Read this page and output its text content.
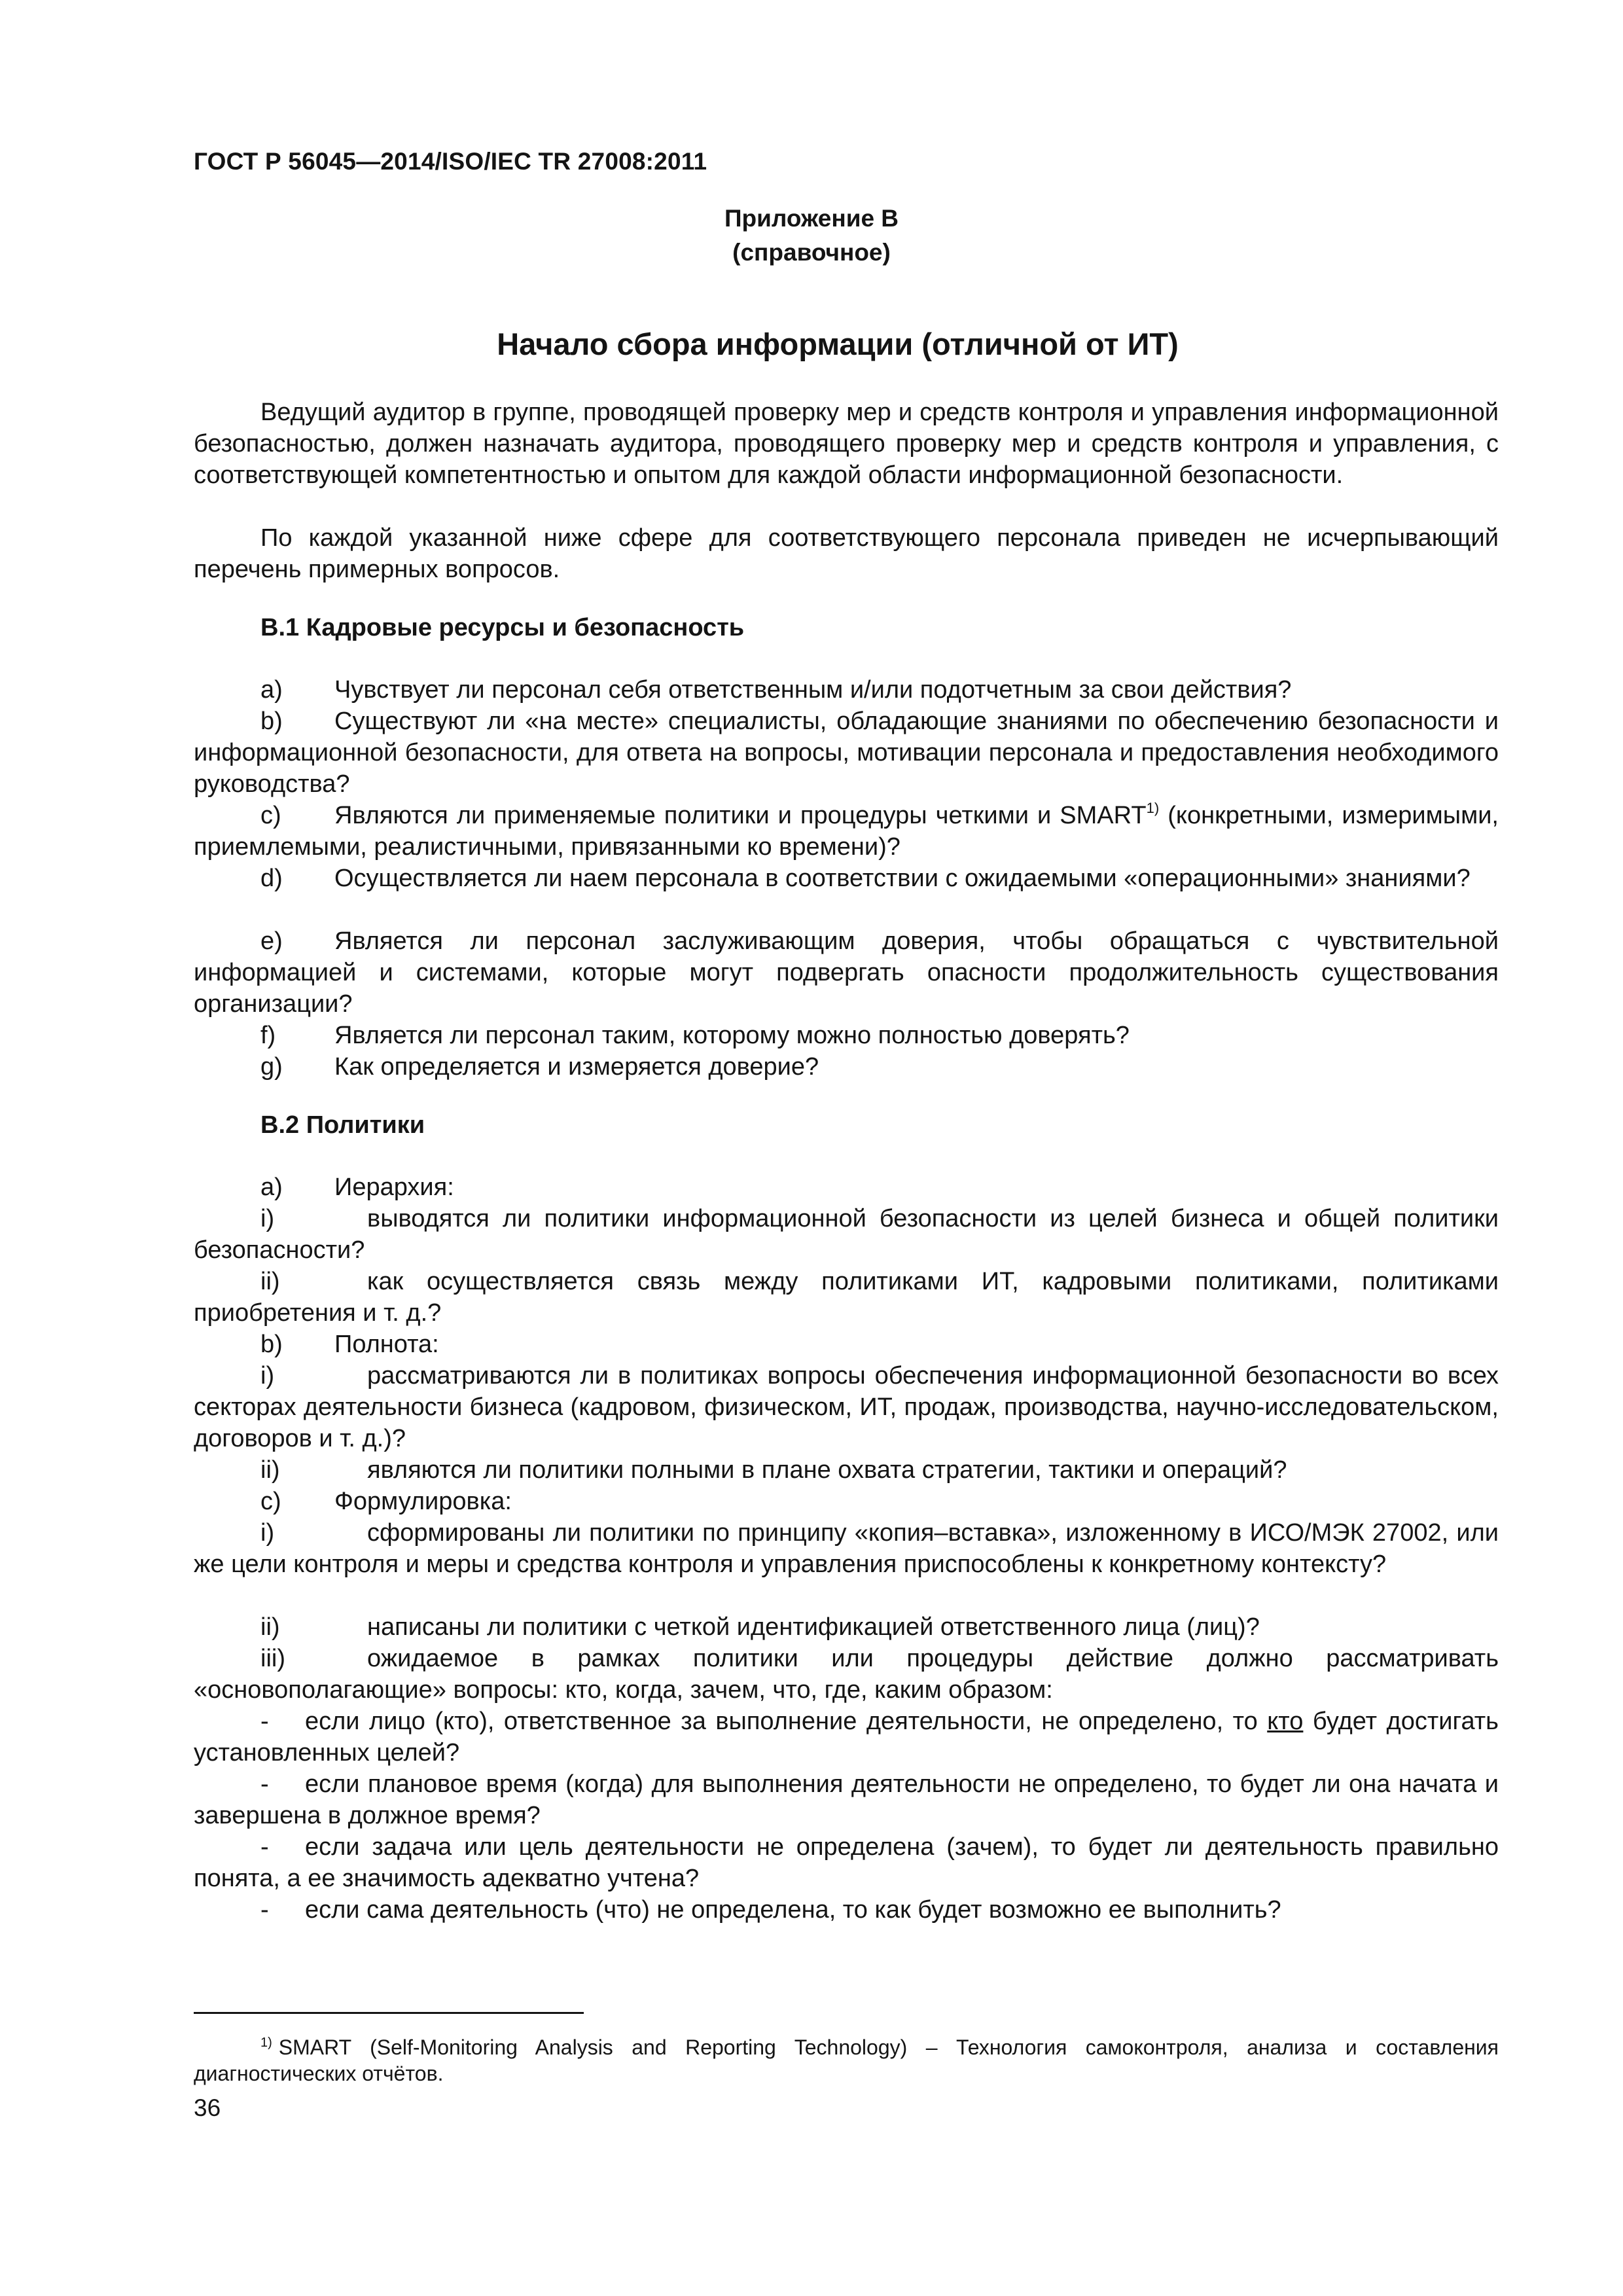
ГОСТ Р 56045—2014/ISO/IEC TR 27008:2011
Приложение B
(справочное)
Начало сбора информации (отличной от ИТ)
Ведущий аудитор в группе, проводящей проверку мер и средств контроля и управления информационной безопасностью, должен назначать аудитора, проводящего проверку мер и средств контроля и управления, с соответствующей компетентностью и опытом для каждой области информационной безопасности.
По каждой указанной ниже сфере для соответствующего персонала приведен не исчерпывающий перечень примерных вопросов.
B.1 Кадровые ресурсы и безопасность
a) Чувствует ли персонал себя ответственным и/или подотчетным за свои действия?
b) Существуют ли «на месте» специалисты, обладающие знаниями по обеспечению безопасности и информационной безопасности, для ответа на вопросы, мотивации персонала и предоставления необходимого руководства?
c) Являются ли применяемые политики и процедуры четкими и SMART$^{1)}$ (конкретными, измеримыми, приемлемыми, реалистичными, привязанными ко времени)?
d) Осуществляется ли наем персонала в соответствии с ожидаемыми «операционными» знаниями?
e) Является ли персонал заслуживающим доверия, чтобы обращаться с чувствительной информацией и системами, которые могут подвергать опасности продолжительность существования организации?
f) Является ли персонал таким, которому можно полностью доверять?
g) Как определяется и измеряется доверие?
B.2 Политики
a) Иерархия:
i)	выводятся ли политики информационной безопасности из целей бизнеса и общей политики безопасности?
ii)	как осуществляется связь между политиками ИТ, кадровыми политиками, политиками приобретения и т. д.?
b) Полнота:
i)	рассматриваются ли в политиках вопросы обеспечения информационной безопасности во всех секторах деятельности бизнеса (кадровом, физическом, ИТ, продаж, производства, научно-исследовательском, договоров и т. д.)?
ii)	являются ли политики полными в плане охвата стратегии, тактики и операций?
c) Формулировка:
i)	сформированы ли политики по принципу «копия–вставка», изложенному в ИСО/МЭК 27002, или же цели контроля и меры и средства контроля и управления приспособлены к конкретному контексту?
ii)	написаны ли политики с четкой идентификацией ответственного лица (лиц)?
iii)	ожидаемое в рамках политики или процедуры действие должно рассматривать «основополагающие» вопросы: кто, когда, зачем, что, где, каким образом:
- если лицо (кто), ответственное за выполнение деятельности, не определено, то кто будет достигать установленных целей?
- если плановое время (когда) для выполнения деятельности не определено, то будет ли она начата и завершена в должное время?
- если задача или цель деятельности не определена (зачем), то будет ли деятельность правильно понята, а ее значимость адекватно учтена?
- если сама деятельность (что) не определена, то как будет возможно ее выполнить?
$^{1)}$ SMART (Self-Monitoring Analysis and Reporting Technology) – Технология самоконтроля, анализа и составления диагностических отчётов.
36
